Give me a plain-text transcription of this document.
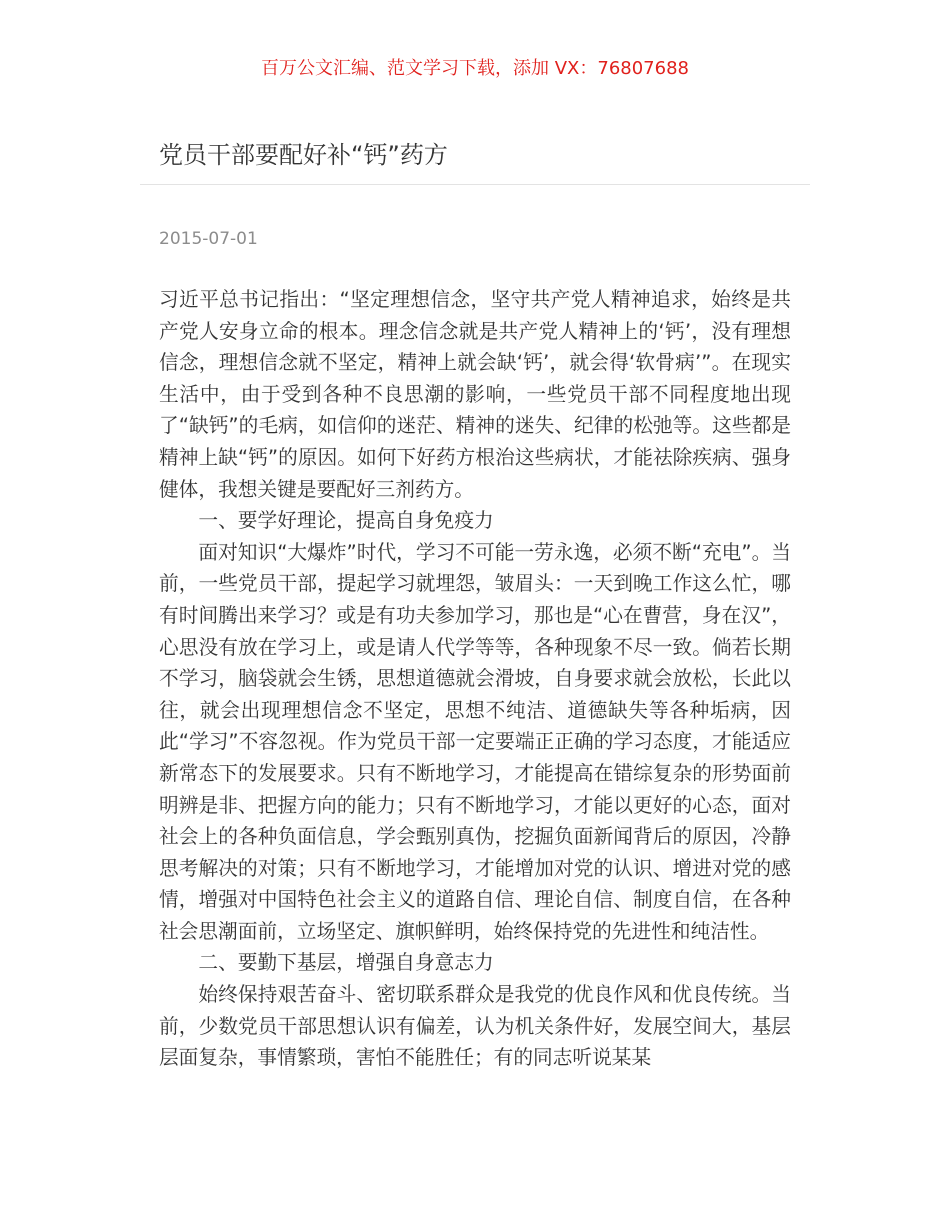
百万公文汇编、范文学习下载，添加 VX：76807688
党员干部要配好补“钙”药方
2015-07-01

习近平总书记指出：“坚定理想信念，坚守共产党人精神追求，始终是共产党人安身立命的根本。理念信念就是共产党人精神上的‘钙’，没有理想信念，理想信念就不坚定，精神上就会缺‘钙’，就会得‘软骨病’”。在现实生活中，由于受到各种不良思潮的影响，一些党员干部不同程度地出现了“缺钙”的毛病，如信仰的迷茫、精神的迷失、纪律的松弛等。这些都是精神上缺“钙”的原因。如何下好药方根治这些病状，才能祛除疾病、强身健体，我想关键是要配好三剂药方。

一、要学好理论，提高自身免疫力

面对知识“大爆炸”时代，学习不可能一劳永逸，必须不断“充电”。当前，一些党员干部，提起学习就埋怨，皱眉头：一天到晚工作这么忙，哪有时间腾出来学习？或是有功夫参加学习，那也是“心在曹营，身在汉”，心思没有放在学习上，或是请人代学等等，各种现象不尽一致。倘若长期不学习，脑袋就会生锈，思想道德就会滑坡，自身要求就会放松，长此以往，就会出现理想信念不坚定，思想不纯洁、道德缺失等各种垢病，因此“学习”不容忽视。作为党员干部一定要端正正确的学习态度，才能适应新常态下的发展要求。只有不断地学习，才能提高在错综复杂的形势面前明辨是非、把握方向的能力；只有不断地学习，才能以更好的心态，面对社会上的各种负面信息，学会甄别真伪，挖掘负面新闻背后的原因，冷静思考解决的对策；只有不断地学习，才能增加对党的认识、增进对党的感情，增强对中国特色社会主义的道路自信、理论自信、制度自信，在各种社会思潮面前，立场坚定、旗帜鲜明，始终保持党的先进性和纯洁性。

二、要勤下基层，增强自身意志力

始终保持艰苦奋斗、密切联系群众是我党的优良作风和优良传统。当前，少数党员干部思想认识有偏差，认为机关条件好，发展空间大，基层层面复杂，事情繁琐，害怕不能胜任；有的同志听说某某
